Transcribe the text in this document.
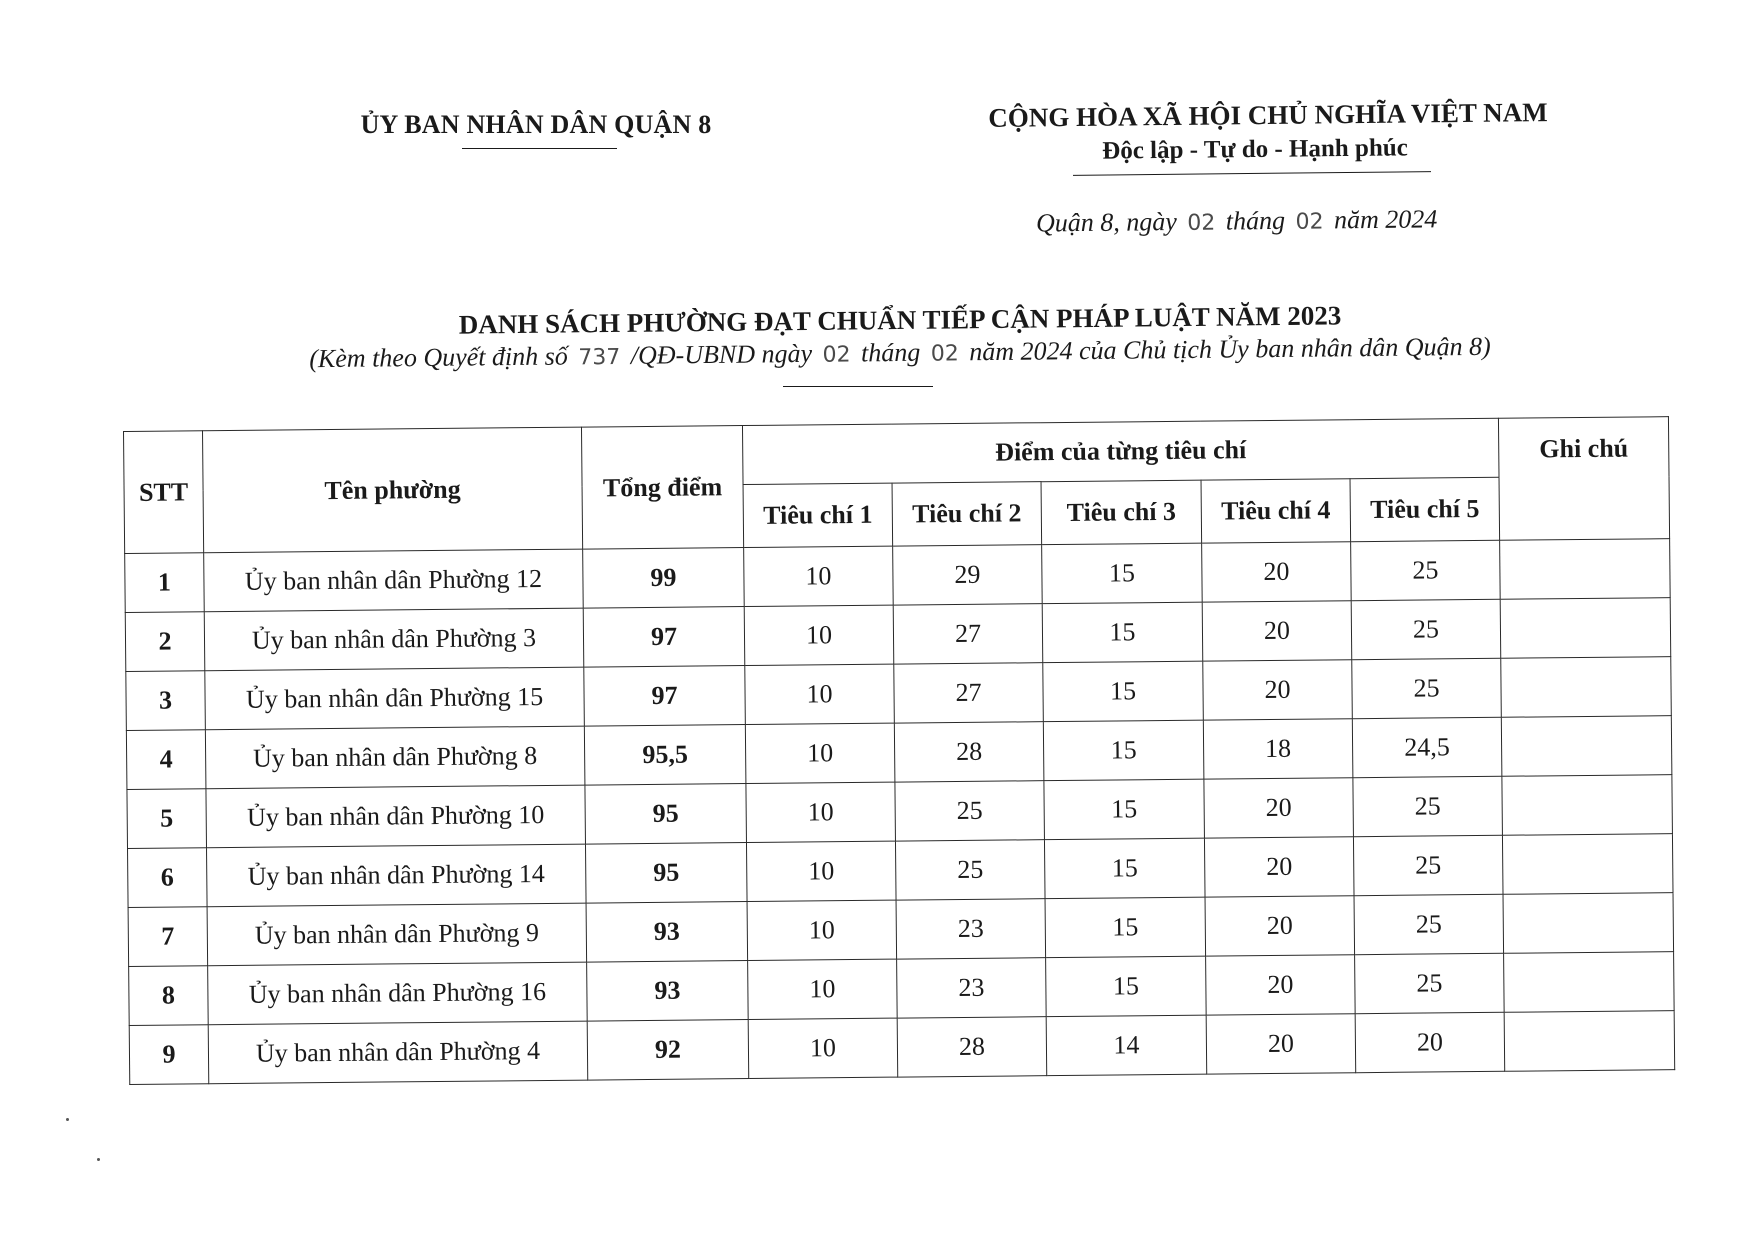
ỦY BAN NHÂN DÂN QUẬN 8	CỘNG HÒA XÃ HỘI CHỦ NGHĨA VIỆT NAM
Độc lập - Tự do - Hạnh phúc
Quận 8, ngày 02 tháng 02 năm 2024
DANH SÁCH PHƯỜNG ĐẠT CHUẨN TIẾP CẬN PHÁP LUẬT NĂM 2023
(Kèm theo Quyết định số 737 /QĐ-UBND ngày 02 tháng 02 năm 2024 của Chủ tịch Ủy ban nhân dân Quận 8)
STT	Tên phường	Tổng điểm	Điểm của từng tiêu chí					Ghi chú
			Tiêu chí 1	Tiêu chí 2	Tiêu chí 3	Tiêu chí 4	Tiêu chí 5	
1	Ủy ban nhân dân Phường 12	99	10	29	15	20	25	
2	Ủy ban nhân dân Phường 3	97	10	27	15	20	25	
3	Ủy ban nhân dân Phường 15	97	10	27	15	20	25	
4	Ủy ban nhân dân Phường 8	95,5	10	28	15	18	24,5	
5	Ủy ban nhân dân Phường 10	95	10	25	15	20	25	
6	Ủy ban nhân dân Phường 14	95	10	25	15	20	25	
7	Ủy ban nhân dân Phường 9	93	10	23	15	20	25	
8	Ủy ban nhân dân Phường 16	93	10	23	15	20	25	
9	Ủy ban nhân dân Phường 4	92	10	28	14	20	20	
